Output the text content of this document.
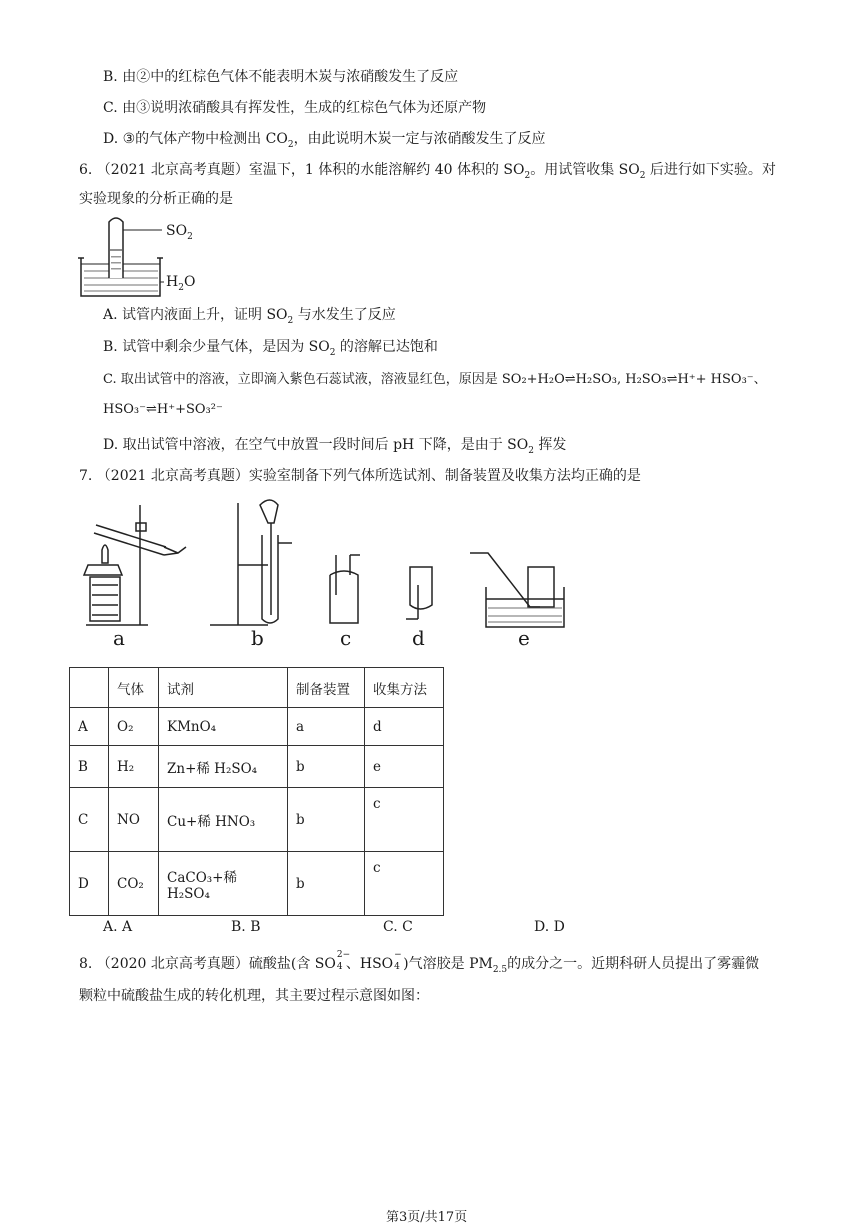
B. 由②中的红棕色气体不能表明木炭与浓硝酸发生了反应
C. 由③说明浓硝酸具有挥发性，生成的红棕色气体为还原产物
D. ③的气体产物中检测出 $CO_2$，由此说明木炭一定与浓硝酸发生了反应
6. （2021 北京高考真题）室温下，1 体积的水能溶解约 40 体积的 $SO_2$。用试管收集 $SO_2$ 后进行如下实验。对
实验现象的分析正确的是
$SO_2$
$H_2O$
A. 试管内液面上升，证明 $SO_2$ 与水发生了反应
B. 试管中剩余少量气体，是因为 $SO_2$ 的溶解已达饱和
C. 取出试管中的溶液，立即滴入紫色石蕊试液，溶液显红色，原因是 SO₂+H₂O⇌H₂SO₃, H₂SO₃⇌H⁺+ HSO₃⁻、
HSO₃⁻⇌H⁺+SO₃²⁻
D. 取出试管中溶液，在空气中放置一段时间后 pH 下降，是由于 $SO_2$ 挥发
7. （2021 北京高考真题）实验室制备下列气体所选试剂、制备装置及收集方法均正确的是
a	b	c	d	e
	气体	试剂	制备装置	收集方法
A	O₂	KMnO₄	a	d
B	H₂	Zn+稀 H₂SO₄	b	e
C	NO	Cu+稀 HNO₃	b	c
D	CO₂	CaCO₃+稀 H₂SO₄	b	c
A. A	B. B	C. C	D. D
8. （2020 北京高考真题）硫酸盐(含 SO
2−
4 、HSO
−
4 )气溶胶是 $PM_{2.5}$的成分之一。近期科研人员提出了雾霾微
颗粒中硫酸盐生成的转化机理，其主要过程示意图如图：
第3页/共17页
